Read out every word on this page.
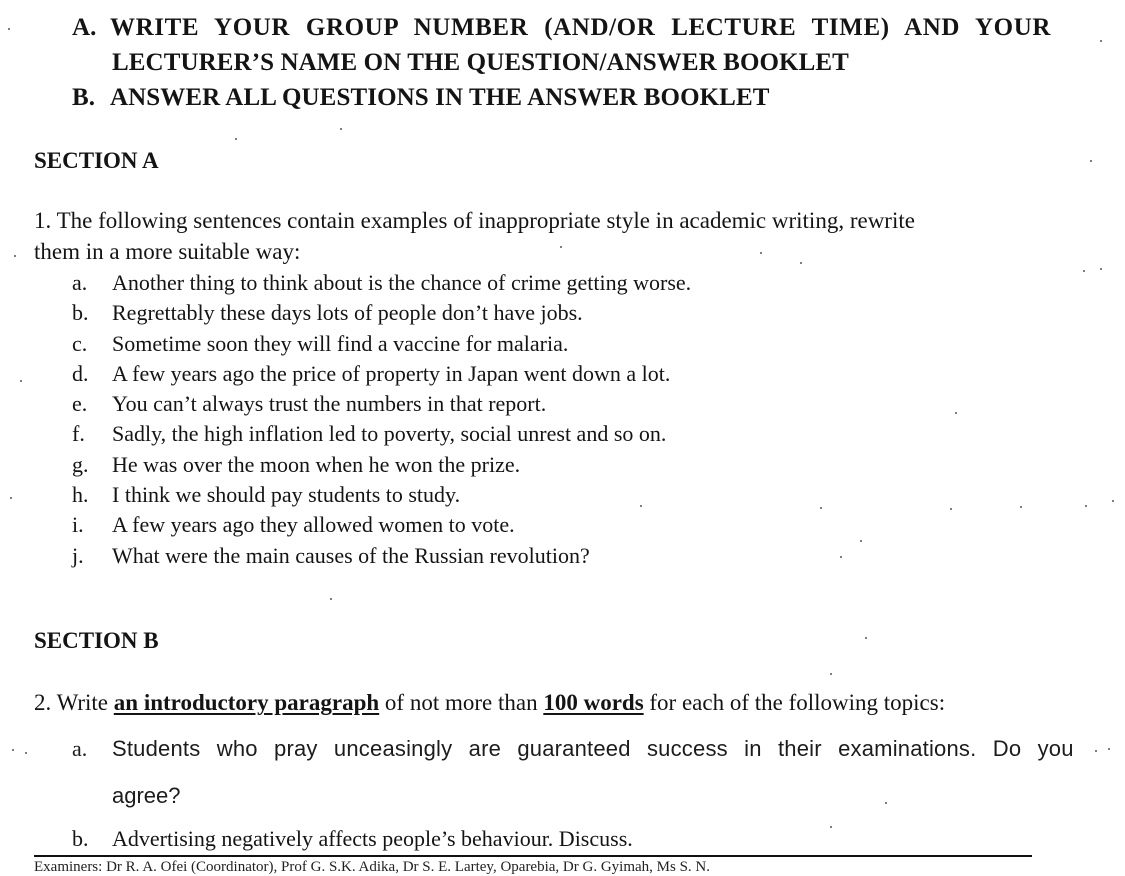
A. WRITE YOUR GROUP NUMBER (AND/OR LECTURE TIME) AND YOUR
LECTURER’S NAME ON THE QUESTION/ANSWER BOOKLET
B. ANSWER ALL QUESTIONS IN THE ANSWER BOOKLET
SECTION A
1. The following sentences contain examples of inappropriate style in academic writing, rewrite
them in a more suitable way:
a. Another thing to think about is the chance of crime getting worse.
b. Regrettably these days lots of people don’t have jobs.
c. Sometime soon they will find a vaccine for malaria.
d. A few years ago the price of property in Japan went down a lot.
e. You can’t always trust the numbers in that report.
f. Sadly, the high inflation led to poverty, social unrest and so on.
g. He was over the moon when he won the prize.
h. I think we should pay students to study.
i. A few years ago they allowed women to vote.
j. What were the main causes of the Russian revolution?
SECTION B
2. Write an introductory paragraph of not more than 100 words for each of the following topics:
a. Students who pray unceasingly are guaranteed success in their examinations. Do you
agree?
b. Advertising negatively affects people’s behaviour. Discuss.
Examiners: Dr R. A. Ofei (Coordinator), Prof G. S.K. Adika, Dr S. E. Lartey, Oparebia, Dr G. Gyimah, Ms S. N.
